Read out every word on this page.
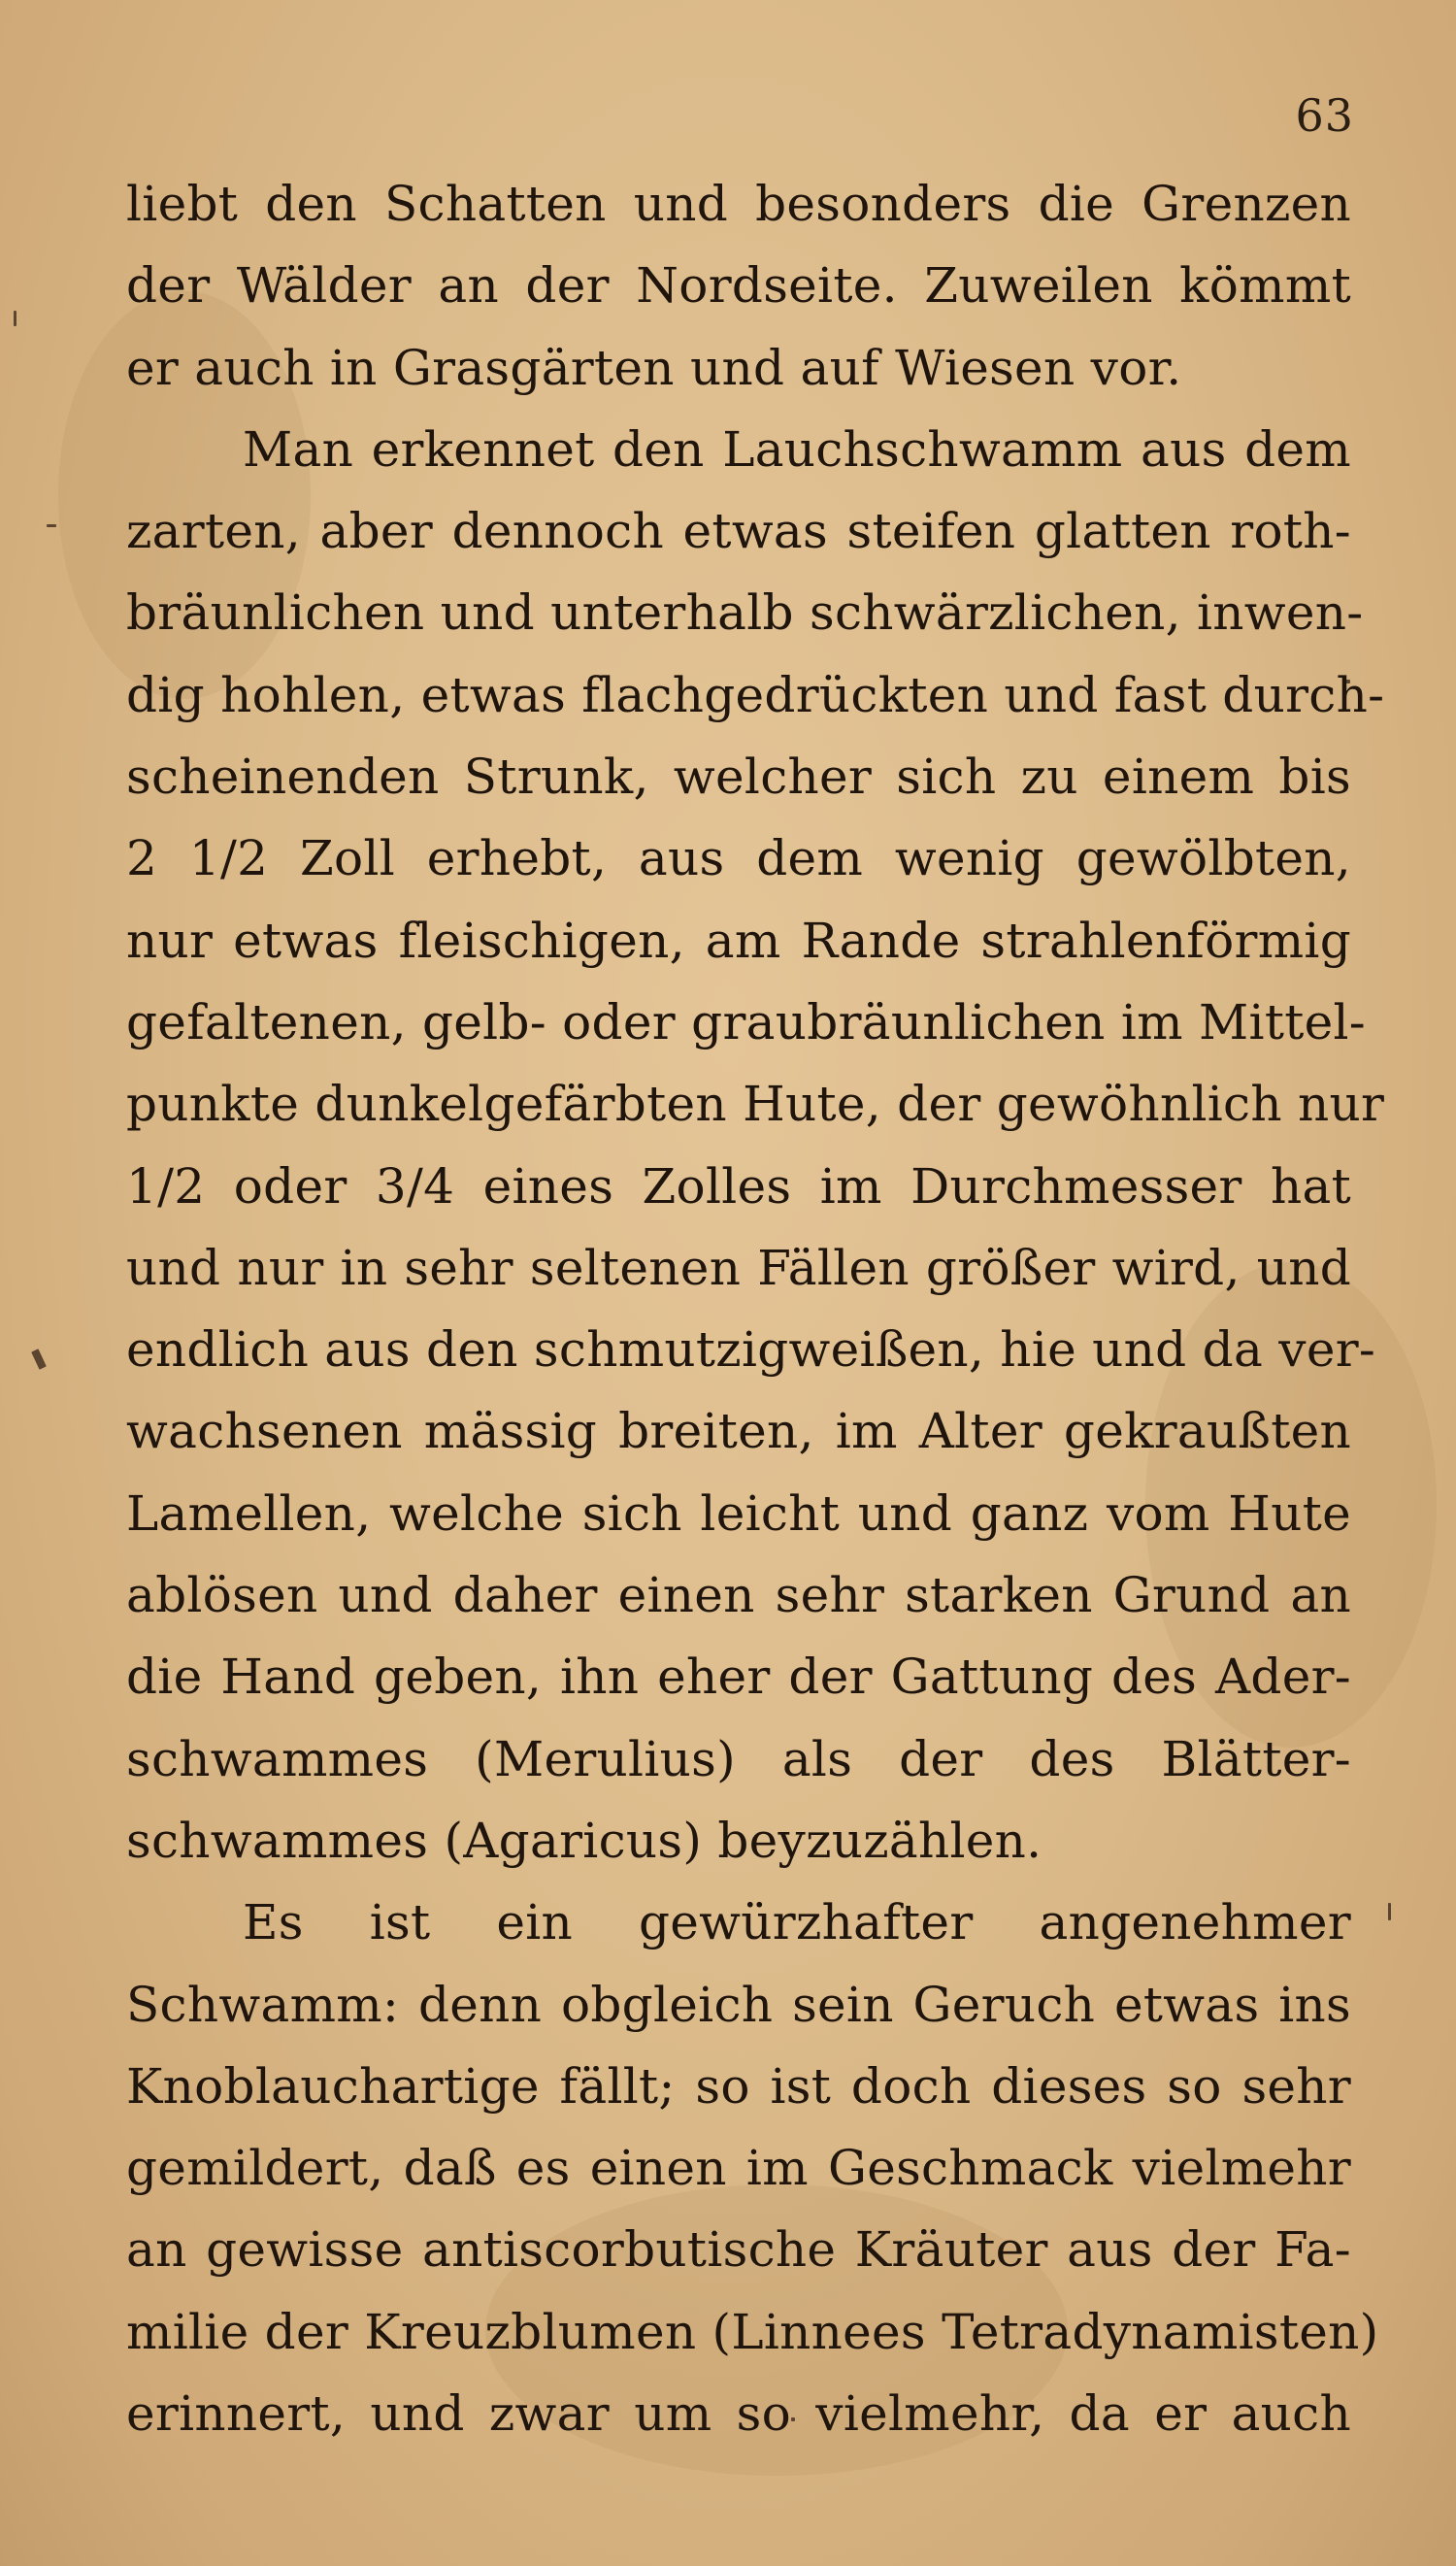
63
liebt den Schatten und besonders die Grenzen
der Wälder an der Nordseite. Zuweilen kömmt
er auch in Grasgärten und auf Wiesen vor.
Man erkennet den Lauchschwamm aus dem
zarten, aber dennoch etwas steifen glatten roth-
bräunlichen und unterhalb schwärzlichen, inwen-
dig hohlen, etwas flachgedrückten und fast durch-
scheinenden Strunk, welcher sich zu einem bis
2 1/2 Zoll erhebt, aus dem wenig gewölbten,
nur etwas fleischigen, am Rande strahlenförmig
gefaltenen, gelb- oder graubräunlichen im Mittel-
punkte dunkelgefärbten Hute, der gewöhnlich nur
1/2 oder 3/4 eines Zolles im Durchmesser hat
und nur in sehr seltenen Fällen größer wird, und
endlich aus den schmutzigweißen, hie und da ver-
wachsenen mässig breiten, im Alter gekraußten
Lamellen, welche sich leicht und ganz vom Hute
ablösen und daher einen sehr starken Grund an
die Hand geben, ihn eher der Gattung des Ader-
schwammes (Merulius) als der des Blätter-
schwammes (Agaricus) beyzuzählen.
Es ist ein gewürzhafter angenehmer
Schwamm: denn obgleich sein Geruch etwas ins
Knoblauchartige fällt; so ist doch dieses so sehr
gemildert, daß es einen im Geschmack vielmehr
an gewisse antiscorbutische Kräuter aus der Fa-
milie der Kreuzblumen (Linnees Tetradynamisten)
erinnert, und zwar um so vielmehr, da er auch
